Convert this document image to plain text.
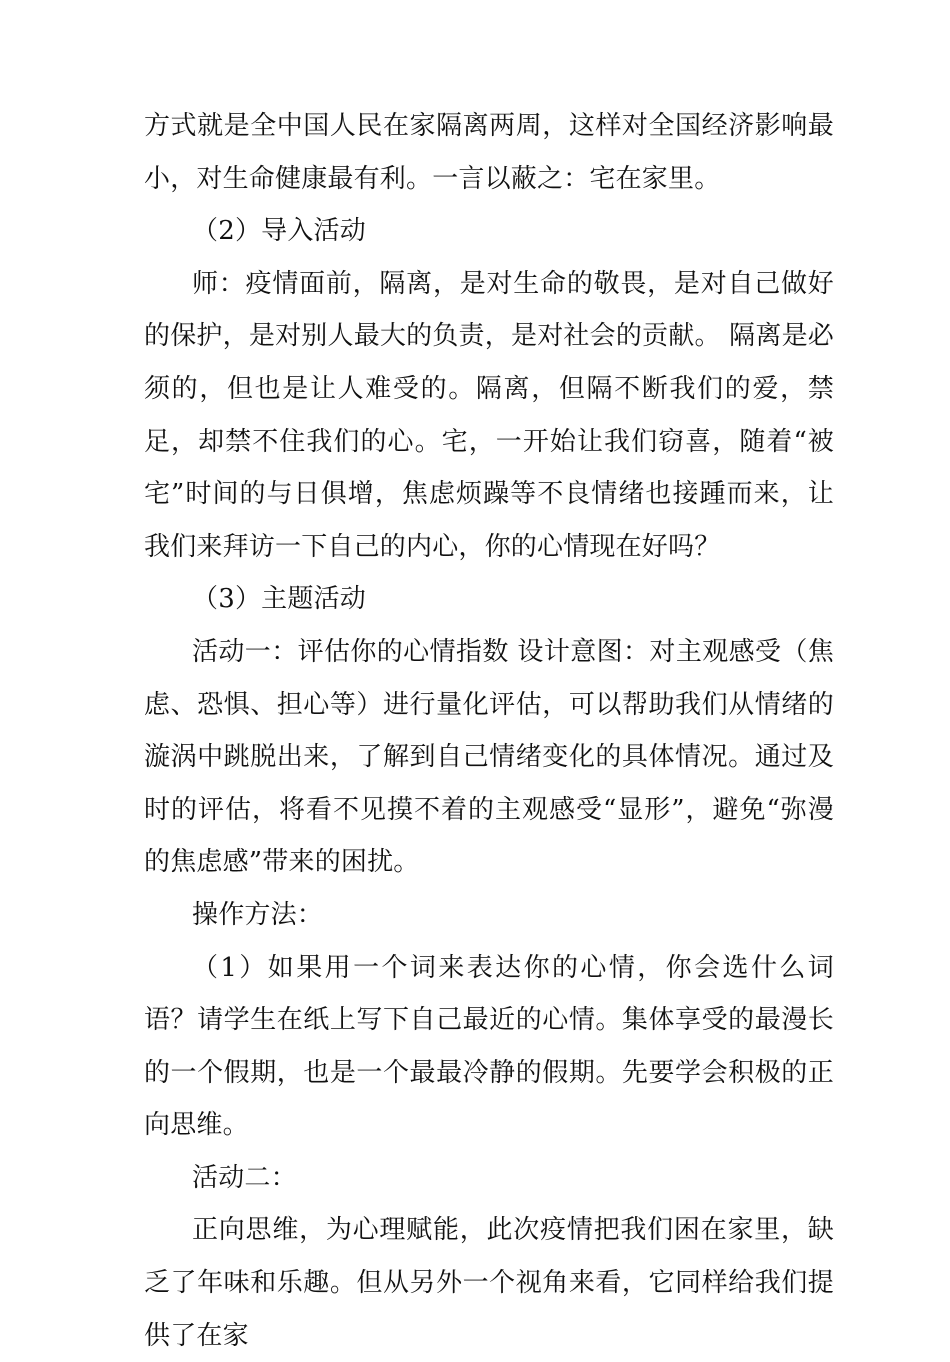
方式就是全中国人民在家隔离两周，这样对全国经济影响最小，对生命健康最有利。一言以蔽之：宅在家里。

（2）导入活动

师：疫情面前，隔离，是对生命的敬畏，是对自己做好的保护，是对别人最大的负责，是对社会的贡献。 隔离是必须的，但也是让人难受的。隔离，但隔不断我们的爱，禁足，却禁不住我们的心。宅，一开始让我们窃喜，随着“被宅”时间的与日俱增，焦虑烦躁等不良情绪也接踵而来，让我们来拜访一下自己的内心，你的心情现在好吗？

（3）主题活动

活动一：评估你的心情指数 设计意图：对主观感受（焦虑、恐惧、担心等）进行量化评估，可以帮助我们从情绪的漩涡中跳脱出来，了解到自己情绪变化的具体情况。通过及时的评估，将看不见摸不着的主观感受“显形”，避免“弥漫的焦虑感”带来的困扰。

操作方法：

（1）如果用一个词来表达你的心情，你会选什么词语？请学生在纸上写下自己最近的心情。集体享受的最漫长的一个假期，也是一个最最冷静的假期。先要学会积极的正向思维。

活动二：

正向思维，为心理赋能，此次疫情把我们困在家里，缺乏了年味和乐趣。但从另外一个视角来看，它同样给我们提供了在家
